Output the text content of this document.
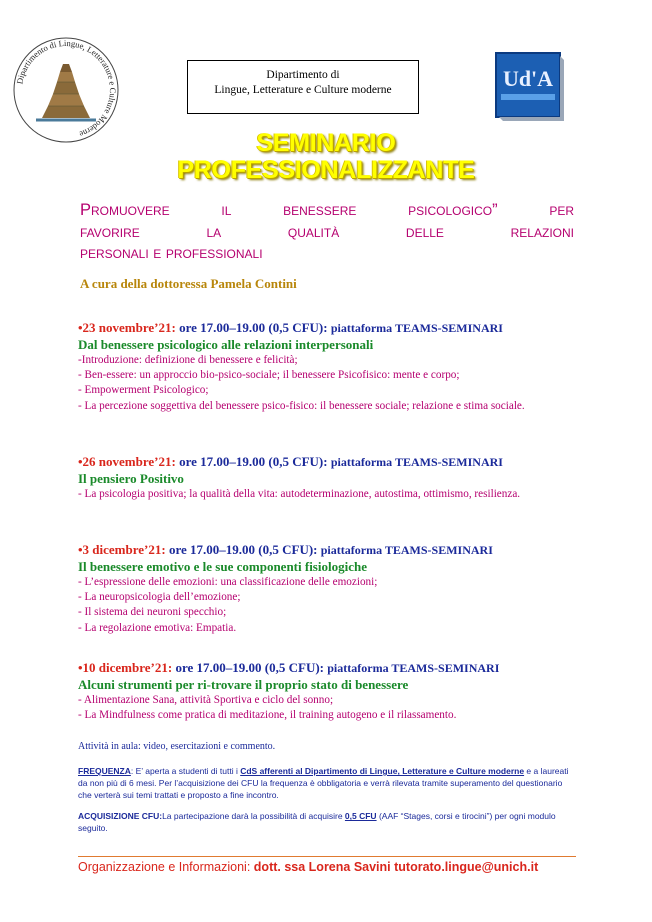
Dipartimento di Lingue, Letterature e Culture Moderne
Dipartimento di
Lingue, Letterature e Culture moderne	Ud'A
SEMINARIO
PROFESSIONALIZZANTE
Promuovere il benessere psicologico” per
favorire la qualità delle relazioni
personali e professionali
A cura della dottoressa Pamela Contini
•23 novembre’21: ore 17.00–19.00 (0,5 CFU): piattaforma TEAMS-SEMINARI
Dal benessere psicologico alle relazioni interpersonali
-Introduzione: definizione di benessere e felicità;
- Ben-essere: un approccio bio-psico-sociale; il benessere Psicofisico: mente e corpo;
- Empowerment Psicologico;
- La percezione soggettiva del benessere psico-fisico: il benessere sociale; relazione e stima sociale.
•26 novembre’21: ore 17.00–19.00 (0,5 CFU): piattaforma TEAMS-SEMINARI
Il pensiero Positivo
- La psicologia positiva; la qualità della vita: autodeterminazione, autostima, ottimismo, resilienza.
•3 dicembre’21: ore 17.00–19.00 (0,5 CFU): piattaforma TEAMS-SEMINARI
Il benessere emotivo e le sue componenti fisiologiche
- L’espressione delle emozioni: una classificazione delle emozioni;
- La neuropsicologia dell’emozione;
- Il sistema dei neuroni specchio;
- La regolazione emotiva: Empatia.
•10 dicembre’21: ore 17.00–19.00 (0,5 CFU): piattaforma TEAMS-SEMINARI
Alcuni strumenti per ri-trovare il proprio stato di benessere
- Alimentazione Sana, attività Sportiva e ciclo del sonno;
- La Mindfulness come pratica di meditazione, il training autogeno e il rilassamento.
Attività in aula: video, esercitazioni e commento.
FREQUENZA: E’ aperta a studenti di tutti i CdS afferenti al Dipartimento di Lingue, Letterature e Culture moderne e a laureati da non più di 6 mesi. Per l’acquisizione dei CFU la frequenza è obbligatoria e verrà rilevata tramite superamento del questionario che verterà sui temi trattati e proposto a fine incontro.
ACQUISIZIONE CFU:La partecipazione darà la possibilità di acquisire 0,5 CFU (AAF “Stages, corsi e tirocini”) per ogni modulo seguito.
Organizzazione e Informazioni: dott. ssa Lorena Savini tutorato.lingue@unich.it
